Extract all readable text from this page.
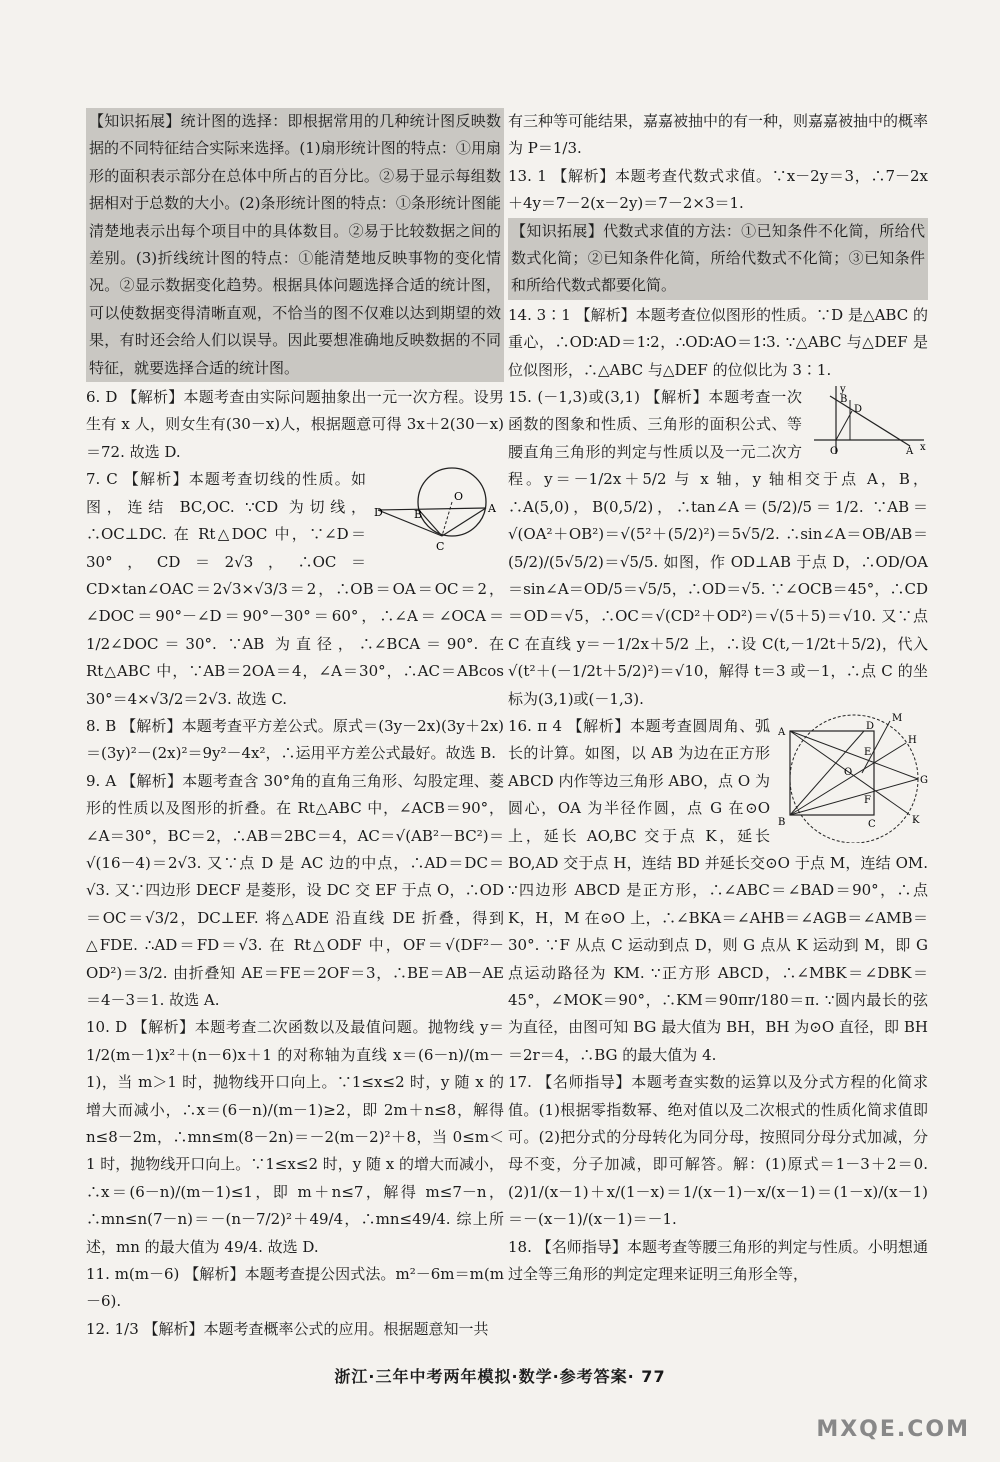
【知识拓展】统计图的选择：即根据常用的几种统计图反映数据的不同特征结合实际来选择。(1)扇形统计图的特点：①用扇形的面积表示部分在总体中所占的百分比。②易于显示每组数据相对于总数的大小。(2)条形统计图的特点：①条形统计图能清楚地表示出每个项目中的具体数目。②易于比较数据之间的差别。(3)折线统计图的特点：①能清楚地反映事物的变化情况。②显示数据变化趋势。根据具体问题选择合适的统计图，可以使数据变得清晰直观，不恰当的图不仅难以达到期望的效果，有时还会给人们以误导。因此要想准确地反映数据的不同特征，就要选择合适的统计图。
6. D 【解析】本题考查由实际问题抽象出一元一次方程。设男生有 x 人，则女生有(30－x)人，根据题意可得 3x＋2(30－x)＝72. 故选 D.
D	B
O
A
C
7. C 【解析】本题考查切线的性质。如图，连结 BC,OC. ∵CD 为切线，∴OC⊥DC. 在 Rt△DOC 中，∵∠D＝30°，CD＝2√3，∴OC＝CD×tan∠OAC＝2√3×√3/3＝2，∴OB＝OA＝OC＝2，∠DOC＝90°－∠D＝90°－30°＝60°，∴∠A＝∠OCA＝1/2∠DOC＝30°. ∵AB 为直径，∴∠BCA＝90°. 在 Rt△ABC 中，∵AB＝2OA＝4，∠A＝30°，∴AC＝ABcos 30°＝4×√3/2＝2√3. 故选 C.
8. B 【解析】本题考查平方差公式。原式＝(3y－2x)(3y＋2x)＝(3y)²－(2x)²＝9y²－4x²，∴运用平方差公式最好。故选 B.
9. A 【解析】本题考查含 30°角的直角三角形、勾股定理、菱形的性质以及图形的折叠。在 Rt△ABC 中，∠ACB＝90°，∠A＝30°，BC＝2，∴AB＝2BC＝4，AC＝√(AB²－BC²)＝√(16－4)＝2√3. 又∵点 D 是 AC 边的中点，∴AD＝DC＝√3. 又∵四边形 DECF 是菱形，设 DC 交 EF 于点 O，∴OD＝OC＝√3/2，DC⊥EF. 将△ADE 沿直线 DE 折叠，得到△FDE. ∴AD＝FD＝√3. 在 Rt△ODF 中，OF＝√(DF²－OD²)＝3/2. 由折叠知 AE＝FE＝2OF＝3，∴BE＝AB－AE＝4－3＝1. 故选 A.
10. D 【解析】本题考查二次函数以及最值问题。抛物线 y＝1/2(m－1)x²＋(n－6)x＋1 的对称轴为直线 x＝(6－n)/(m－1)，当 m＞1 时，抛物线开口向上。∵1≤x≤2 时，y 随 x 的增大而减小，∴x＝(6－n)/(m－1)≥2，即 2m＋n≤8，解得 n≤8－2m，∴mn≤m(8－2n)＝－2(m－2)²＋8，当 0≤m＜1 时，抛物线开口向上。∵1≤x≤2 时，y 随 x 的增大而减小，∴x＝(6－n)/(m－1)≤1，即 m＋n≤7，解得 m≤7－n，∴mn≤n(7－n)＝－(n－7/2)²＋49/4，∴mn≤49/4. 综上所述，mn 的最大值为 49/4. 故选 D.
11. m(m－6) 【解析】本题考查提公因式法。m²－6m＝m(m－6).
12. 1/3 【解析】本题考查概率公式的应用。根据题意知一共
有三种等可能结果，嘉嘉被抽中的有一种，则嘉嘉被抽中的概率为 P＝1/3.
13. 1 【解析】本题考查代数式求值。∵x－2y＝3，∴7－2x＋4y＝7－2(x－2y)＝7－2×3＝1.
【知识拓展】代数式求值的方法：①已知条件不化简，所给代数式化简；②已知条件化简，所给代数式不化简；③已知条件和所给代数式都要化简。
14. 3∶1 【解析】本题考查位似图形的性质。∵D 是△ABC 的重心，∴OD∶AD＝1∶2，∴OD∶AO＝1∶3. ∵△ABC 与△DEF 是位似图形，∴△ABC 与△DEF 的位似比为 3∶1.
O
B
D
A x
y
15. (－1,3)或(3,1) 【解析】本题考查一次函数的图象和性质、三角形的面积公式、等腰直角三角形的判定与性质以及一元二次方程。y＝－1/2x＋5/2 与 x 轴，y 轴相交于点 A，B，∴A(5,0)，B(0,5/2)，∴tan∠A＝(5/2)/5＝1/2. ∵AB＝√(OA²＋OB²)＝√(5²＋(5/2)²)＝5√5/2. ∴sin∠A＝OB/AB＝(5/2)/(5√5/2)＝√5/5. 如图，作 OD⊥AB 于点 D，∴OD/OA＝sin∠A＝OD/5＝√5/5，∴OD＝√5. ∵∠OCB＝45°，∴CD＝OD＝√5，∴OC＝√(CD²＋OD²)＝√(5＋5)＝√10. 又∵点 C 在直线 y＝－1/2x＋5/2 上，∴设 C(t,－1/2t＋5/2)，代入 √(t²＋(－1/2t＋5/2)²)＝√10，解得 t＝3 或－1，∴点 C 的坐标为(3,1)或(－1,3).
A
B	C
D
E
F
G
H
K
M
O
16. π 4 【解析】本题考查圆周角、弧长的计算。如图，以 AB 为边在正方形 ABCD 内作等边三角形 ABO，点 O 为圆心，OA 为半径作圆，点 G 在⊙O 上，延长 AO,BC 交于点 K，延长 BO,AD 交于点 H，连结 BD 并延长交⊙O 于点 M，连结 OM. ∵四边形 ABCD 是正方形，∴∠ABC＝∠BAD＝90°，∴点 K，H，M 在⊙O 上，∴∠BKA＝∠AHB＝∠AGB＝∠AMB＝30°. ∵F 从点 C 运动到点 D，则 G 点从 K 运动到 M，即 G 点运动路径为 KM. ∵正方形 ABCD，∴∠MBK＝∠DBK＝45°，∠MOK＝90°，∴KM＝90πr/180＝π. ∵圆内最长的弦为直径，由图可知 BG 最大值为 BH，BH 为⊙O 直径，即 BH＝2r＝4，∴BG 的最大值为 4.
17. 【名师指导】本题考查实数的运算以及分式方程的化简求值。(1)根据零指数幂、绝对值以及二次根式的性质化简求值即可。(2)把分式的分母转化为同分母，按照同分母分式加减，分母不变，分子加减，即可解答。解：(1)原式＝1－3＋2＝0. (2)1/(x－1)＋x/(1－x)＝1/(x－1)－x/(x－1)＝(1－x)/(x－1)＝－(x－1)/(x－1)＝－1.
18. 【名师指导】本题考查等腰三角形的判定与性质。小明想通过全等三角形的判定定理来证明三角形全等，
浙江·三年中考两年模拟·数学·参考答案· 77
MXQE.COM
